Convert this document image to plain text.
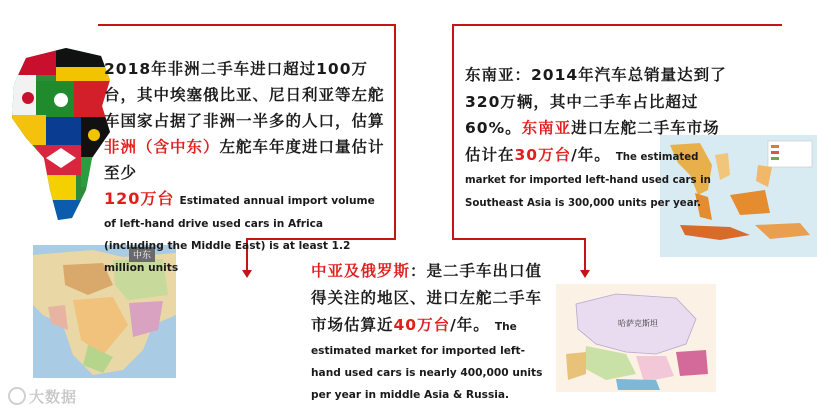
中东
哈萨克斯坦
2018年非洲二手车进口超过100万台，其中埃塞俄比亚、尼日利亚等左舵车国家占据了非洲一半多的人口，估算非洲（含中东）左舵车年度进口量估计至少
120万台 Estimated annual import volume of left-hand drive used cars in Africa (including the Middle East) is at least 1.2 million units
东南亚：2014年汽车总销量达到了320万辆，其中二手车占比超过60%。东南亚进口左舵二手车市场估计在30万台/年。 The estimated market for imported left-hand used cars in Southeast Asia is 300,000 units per year.
中亚及俄罗斯：是二手车出口值得关注的地区、进口左舵二手车市场估算近40万台/年。 The estimated market for imported left-hand used cars is nearly 400,000 units per year in middle Asia & Russia.
大数据
